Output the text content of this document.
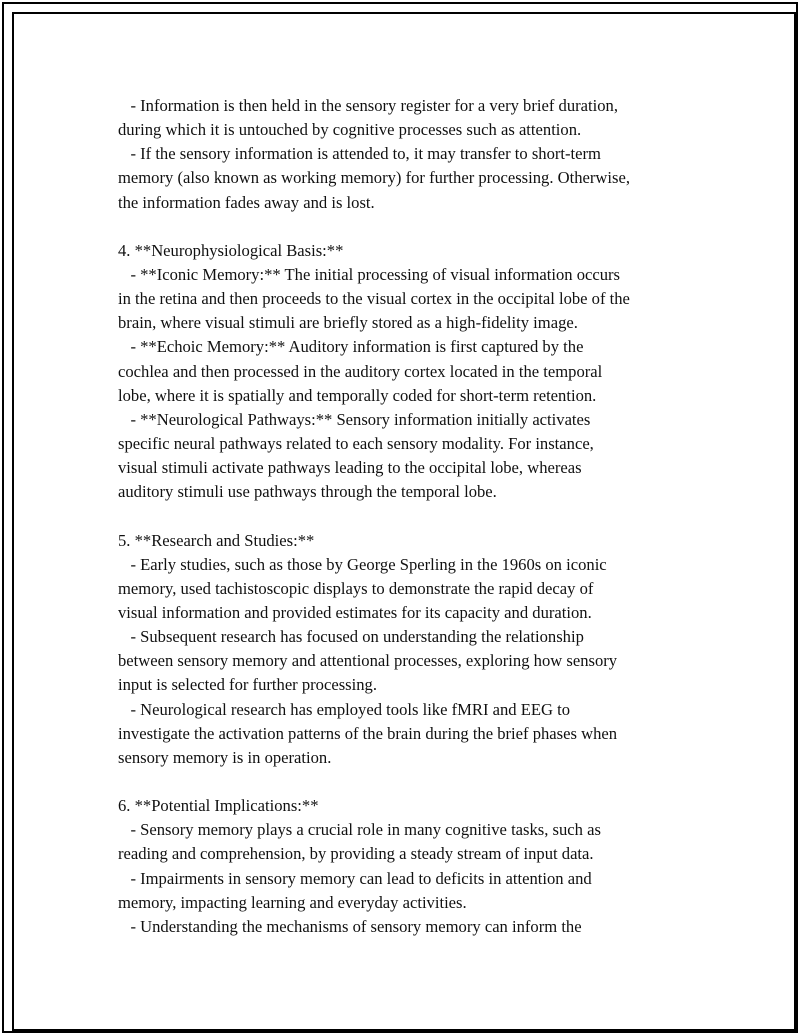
- Information is then held in the sensory register for a very brief duration,
during which it is untouched by cognitive processes such as attention.
- If the sensory information is attended to, it may transfer to short-term
memory (also known as working memory) for further processing. Otherwise,
the information fades away and is lost.
4. **Neurophysiological Basis:**
- **Iconic Memory:** The initial processing of visual information occurs
in the retina and then proceeds to the visual cortex in the occipital lobe of the
brain, where visual stimuli are briefly stored as a high-fidelity image.
- **Echoic Memory:** Auditory information is first captured by the
cochlea and then processed in the auditory cortex located in the temporal
lobe, where it is spatially and temporally coded for short-term retention.
- **Neurological Pathways:** Sensory information initially activates
specific neural pathways related to each sensory modality. For instance,
visual stimuli activate pathways leading to the occipital lobe, whereas
auditory stimuli use pathways through the temporal lobe.
5. **Research and Studies:**
- Early studies, such as those by George Sperling in the 1960s on iconic
memory, used tachistoscopic displays to demonstrate the rapid decay of
visual information and provided estimates for its capacity and duration.
- Subsequent research has focused on understanding the relationship
between sensory memory and attentional processes, exploring how sensory
input is selected for further processing.
- Neurological research has employed tools like fMRI and EEG to
investigate the activation patterns of the brain during the brief phases when
sensory memory is in operation.
6. **Potential Implications:**
- Sensory memory plays a crucial role in many cognitive tasks, such as
reading and comprehension, by providing a steady stream of input data.
- Impairments in sensory memory can lead to deficits in attention and
memory, impacting learning and everyday activities.
- Understanding the mechanisms of sensory memory can inform the
